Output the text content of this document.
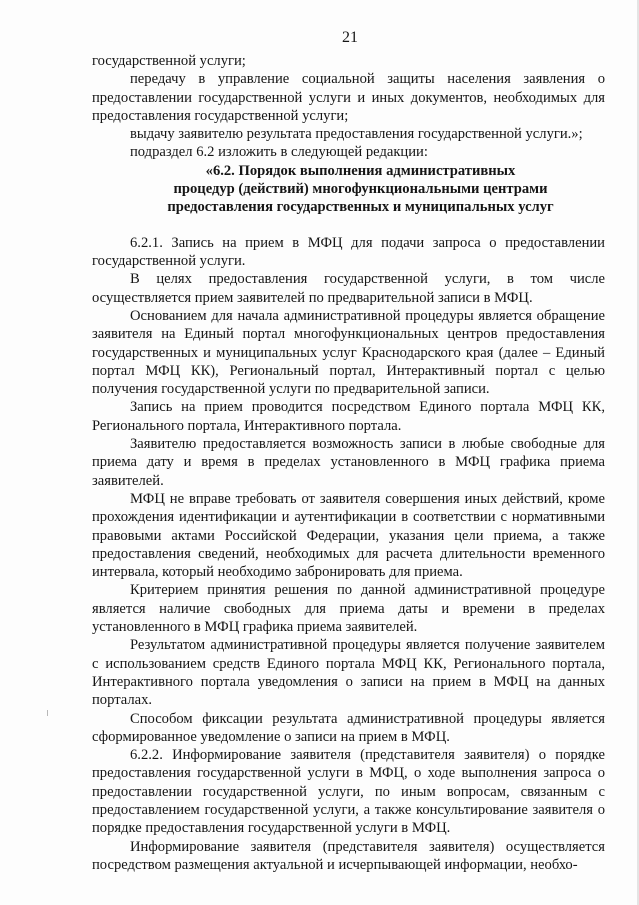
21

государственной услуги;

передачу в управление социальной защиты населения заявления о предоставлении государственной услуги и иных документов, необходимых для предоставления государственной услуги;

выдачу заявителю результата предоставления государственной услуги.»;

подраздел 6.2 изложить в следующей редакции:

«6.2. Порядок выполнения административных
процедур (действий) многофункциональными центрами
предоставления государственных и муниципальных услуг

6.2.1. Запись на прием в МФЦ для подачи запроса о предоставлении государственной услуги.

В целях предоставления государственной услуги, в том числе осуществляется прием заявителей по предварительной записи в МФЦ.

Основанием для начала административной процедуры является обращение заявителя на Единый портал многофункциональных центров предоставления государственных и муниципальных услуг Краснодарского края (далее – Единый портал МФЦ КК), Региональный портал, Интерактивный портал с целью получения государственной услуги по предварительной записи.

Запись на прием проводится посредством Единого портала МФЦ КК, Регионального портала, Интерактивного портала.

Заявителю предоставляется возможность записи в любые свободные для приема дату и время в пределах установленного в МФЦ графика приема заявителей.

МФЦ не вправе требовать от заявителя совершения иных действий, кроме прохождения идентификации и аутентификации в соответствии с нормативными правовыми актами Российской Федерации, указания цели приема, а также предоставления сведений, необходимых для расчета длительности временного интервала, который необходимо забронировать для приема.

Критерием принятия решения по данной административной процедуре является наличие свободных для приема даты и времени в пределах установленного в МФЦ графика приема заявителей.

Результатом административной процедуры является получение заявителем с использованием средств Единого портала МФЦ КК, Регионального портала, Интерактивного портала уведомления о записи на прием в МФЦ на данных порталах.

Способом фиксации результата административной процедуры является сформированное уведомление о записи на прием в МФЦ.

6.2.2. Информирование заявителя (представителя заявителя) о порядке предоставления государственной услуги в МФЦ, о ходе выполнения запроса о предоставлении государственной услуги, по иным вопросам, связанным с предоставлением государственной услуги, а также консультирование заявителя о порядке предоставления государственной услуги в МФЦ.

Информирование заявителя (представителя заявителя) осуществляется посредством размещения актуальной и исчерпывающей информации, необхо-
